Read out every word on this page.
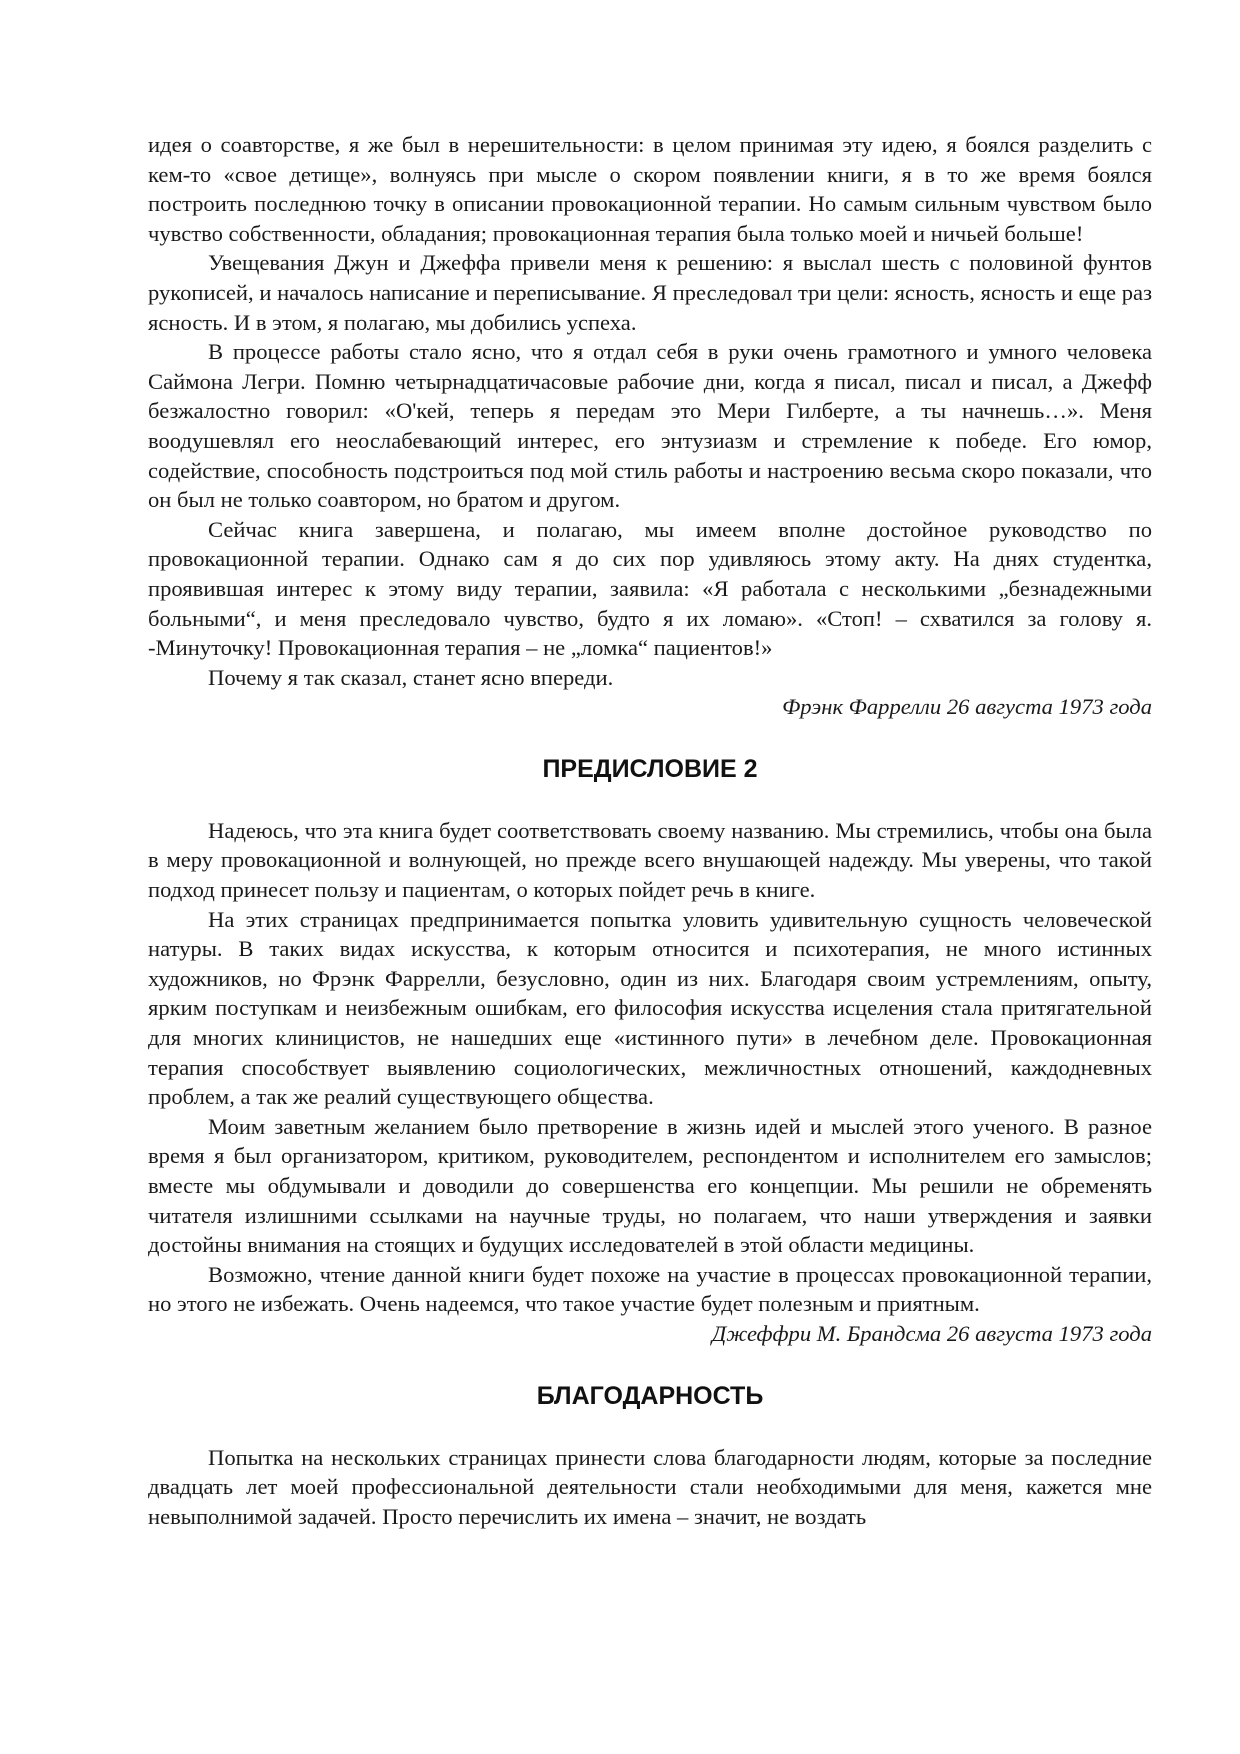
идея о соавторстве, я же был в нерешительности: в целом принимая эту идею, я боялся разделить с кем-то «свое детище», волнуясь при мысле о скором появлении книги, я в то же время боялся построить последнюю точку в описании провокационной терапии. Но самым сильным чувством было чувство собственности, обладания; провокационная терапия была только моей и ничьей больше!

Увещевания Джун и Джеффа привели меня к решению: я выслал шесть с половиной фунтов рукописей, и началось написание и переписывание. Я преследовал три цели: ясность, ясность и еще раз ясность. И в этом, я полагаю, мы добились успеха.

В процессе работы стало ясно, что я отдал себя в руки очень грамотного и умного человека Саймона Легри. Помню четырнадцатичасовые рабочие дни, когда я писал, писал и писал, а Джефф безжалостно говорил: «О'кей, теперь я передам это Мери Гилберте, а ты начнешь…». Меня воодушевлял его неослабевающий интерес, его энтузиазм и стремление к победе. Его юмор, содействие, способность подстроиться под мой стиль работы и настроению весьма скоро показали, что он был не только соавтором, но братом и другом.

Сейчас книга завершена, и полагаю, мы имеем вполне достойное руководство по провокационной терапии. Однако сам я до сих пор удивляюсь этому акту. На днях студентка, проявившая интерес к этому виду терапии, заявила: «Я работала с несколькими „безнадежными больными“, и меня преследовало чувство, будто я их ломаю». «Стоп! – схватился за голову я. -Минуточку! Провокационная терапия – не „ломка“ пациентов!»

Почему я так сказал, станет ясно впереди.

Фрэнк Фаррелли 26 августа 1973 года
ПРЕДИСЛОВИЕ 2

Надеюсь, что эта книга будет соответствовать своему названию. Мы стремились, чтобы она была в меру провокационной и волнующей, но прежде всего внушающей надежду. Мы уверены, что такой подход принесет пользу и пациентам, о которых пойдет речь в книге.

На этих страницах предпринимается попытка уловить удивительную сущность человеческой натуры. В таких видах искусства, к которым относится и психотерапия, не много истинных художников, но Фрэнк Фаррелли, безусловно, один из них. Благодаря своим устремлениям, опыту, ярким поступкам и неизбежным ошибкам, его философия искусства исцеления стала притягательной для многих клиницистов, не нашедших еще «истинного пути» в лечебном деле. Провокационная терапия способствует выявлению социологических, межличностных отношений, каждодневных проблем, а так же реалий существующего общества.

Моим заветным желанием было претворение в жизнь идей и мыслей этого ученого. В разное время я был организатором, критиком, руководителем, респондентом и исполнителем его замыслов; вместе мы обдумывали и доводили до совершенства его концепции. Мы решили не обременять читателя излишними ссылками на научные труды, но полагаем, что наши утверждения и заявки достойны внимания на стоящих и будущих исследователей в этой области медицины.

Возможно, чтение данной книги будет похоже на участие в процессах провокационной терапии, но этого не избежать. Очень надеемся, что такое участие будет полезным и приятным.

Джеффри М. Брандсма 26 августа 1973 года
БЛАГОДАРНОСТЬ

Попытка на нескольких страницах принести слова благодарности людям, которые за последние двадцать лет моей профессиональной деятельности стали необходимыми для меня, кажется мне невыполнимой задачей. Просто перечислить их имена – значит, не воздать
